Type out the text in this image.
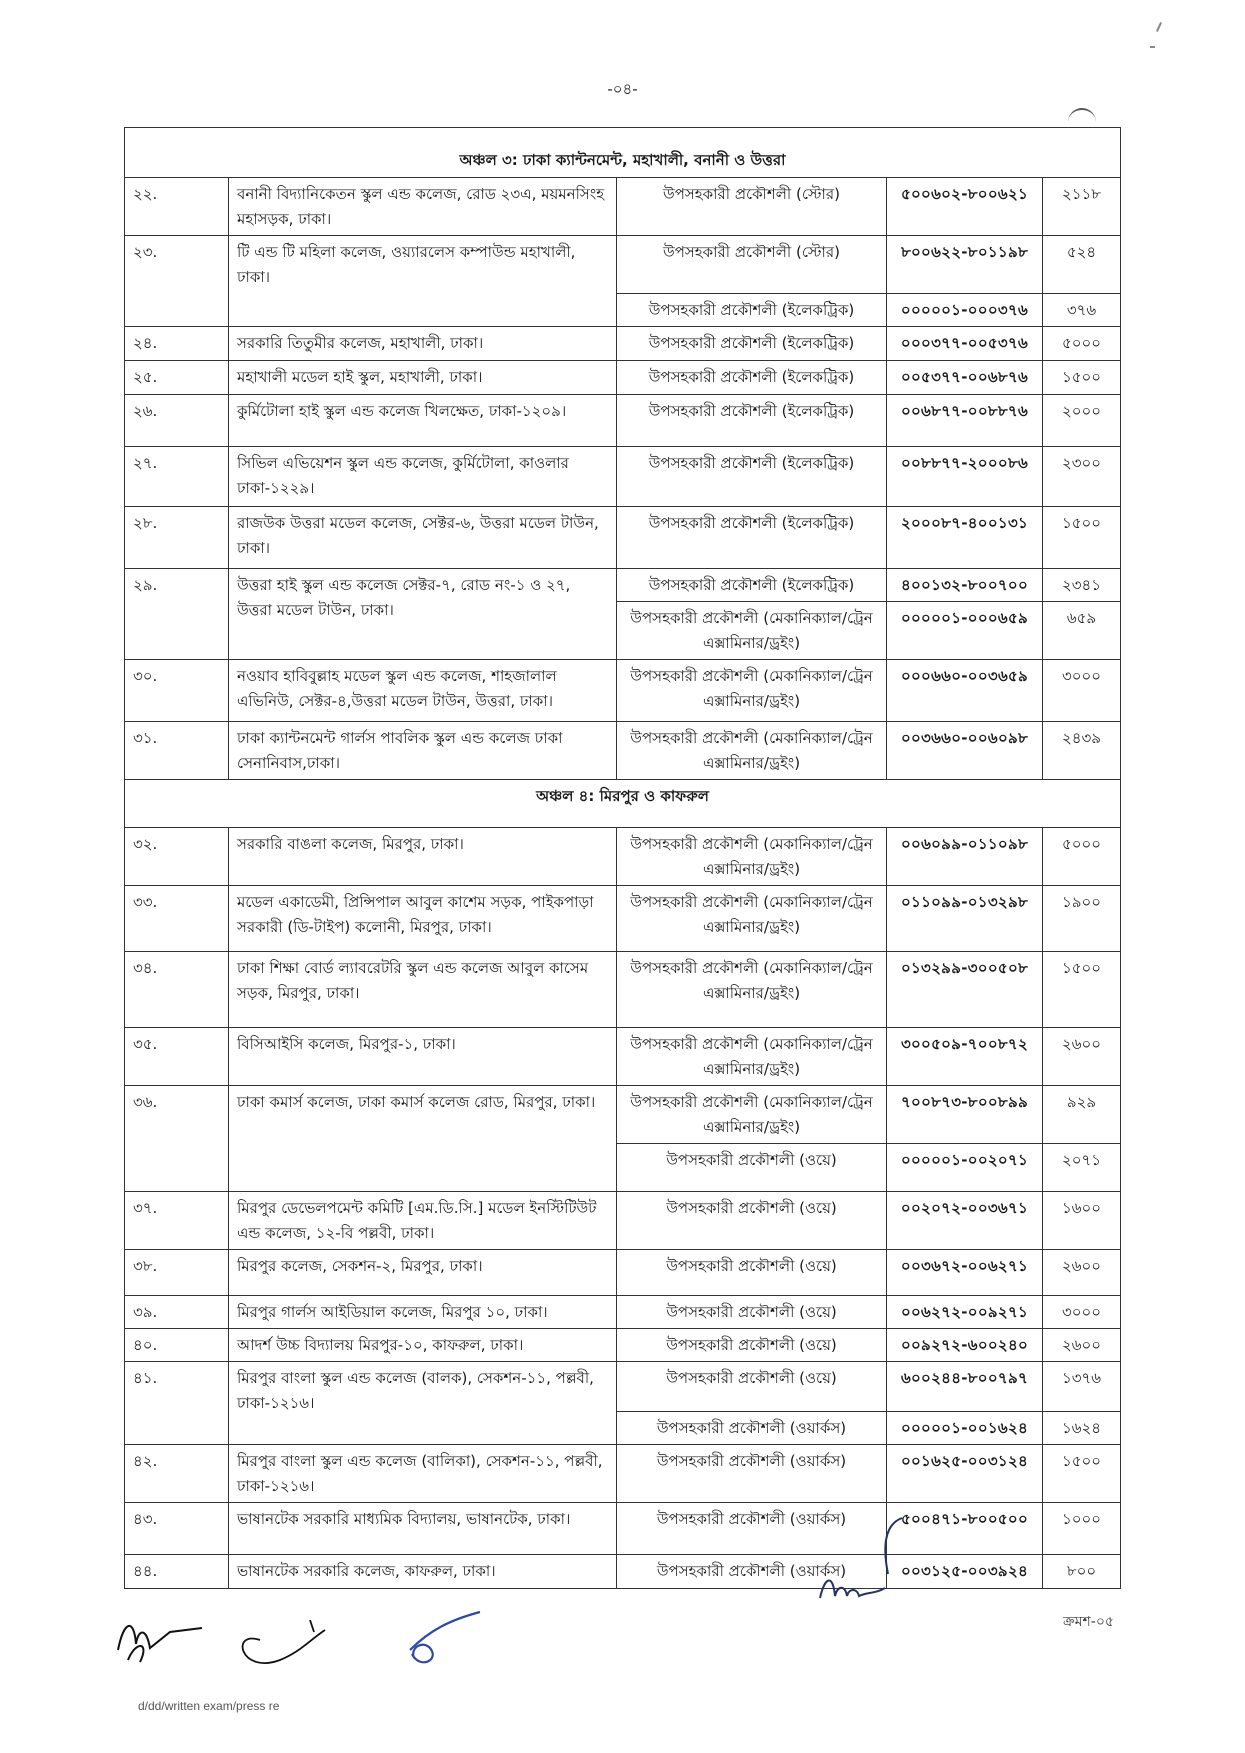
-০৪-
অঞ্চল ৩: ঢাকা ক্যান্টনমেন্ট, মহাখালী, বনানী ও উত্তরা				
২২.	বনানী বিদ্যানিকেতন স্কুল এন্ড কলেজ, রোড ২৩এ, ময়মনসিংহ মহাসড়ক, ঢাকা।	উপসহকারী প্রকৌশলী (স্টোর)	৫০০৬০২-৮০০৬২১	২১১৮
২৩.	টি এন্ড টি মহিলা কলেজ, ওয়্যারলেস কম্পাউন্ড মহাখালী, ঢাকা।	উপসহকারী প্রকৌশলী (স্টোর)	৮০০৬২২-৮০১১৯৮	৫২৪
		উপসহকারী প্রকৌশলী (ইলেকট্রিক)	০০০০০১-০০০৩৭৬	৩৭৬
২৪.	সরকারি তিতুমীর কলেজ, মহাখালী, ঢাকা।	উপসহকারী প্রকৌশলী (ইলেকট্রিক)	০০০৩৭৭-০০৫৩৭৬	৫০০০
২৫.	মহাখালী মডেল হাই স্কুল, মহাখালী, ঢাকা।	উপসহকারী প্রকৌশলী (ইলেকট্রিক)	০০৫৩৭৭-০০৬৮৭৬	১৫০০
২৬.	কুর্মিটোলা হাই স্কুল এন্ড কলেজ খিলক্ষেত, ঢাকা-১২০৯।	উপসহকারী প্রকৌশলী (ইলেকট্রিক)	০০৬৮৭৭-০০৮৮৭৬	২০০০
২৭.	সিভিল এভিয়েশন স্কুল এন্ড কলেজ, কুর্মিটোলা, কাওলার ঢাকা-১২২৯।	উপসহকারী প্রকৌশলী (ইলেকট্রিক)	০০৮৮৭৭-২০০০৮৬	২৩০০
২৮.	রাজউক উত্তরা মডেল কলেজ, সেক্টর-৬, উত্তরা মডেল টাউন, ঢাকা।	উপসহকারী প্রকৌশলী (ইলেকট্রিক)	২০০০৮৭-৪০০১৩১	১৫০০
২৯.	উত্তরা হাই স্কুল এন্ড কলেজ সেক্টর-৭, রোড নং-১ ও ২৭, উত্তরা মডেল টাউন, ঢাকা।	উপসহকারী প্রকৌশলী (ইলেকট্রিক)	৪০০১৩২-৮০০৭০০	২৩৪১
		উপসহকারী প্রকৌশলী (মেকানিক্যাল/ট্রেন এক্সামিনার/ড্রইং)	০০০০০১-০০০৬৫৯	৬৫৯
৩০.	নওয়াব হাবিবুল্লাহ মডেল স্কুল এন্ড কলেজ, শাহজালাল এভিনিউ, সেক্টর-৪,উত্তরা মডেল টাউন, উত্তরা, ঢাকা।	উপসহকারী প্রকৌশলী (মেকানিক্যাল/ট্রেন এক্সামিনার/ড্রইং)	০০০৬৬০-০০৩৬৫৯	৩০০০
৩১.	ঢাকা ক্যান্টনমেন্ট গার্লস পাবলিক স্কুল এন্ড কলেজ ঢাকা সেনানিবাস,ঢাকা।	উপসহকারী প্রকৌশলী (মেকানিক্যাল/ট্রেন এক্সামিনার/ড্রইং)	০০৩৬৬০-০০৬০৯৮	২৪৩৯
অঞ্চল ৪: মিরপুর ও কাফরুল				
৩২.	সরকারি বাঙলা কলেজ, মিরপুর, ঢাকা।	উপসহকারী প্রকৌশলী (মেকানিক্যাল/ট্রেন এক্সামিনার/ড্রইং)	০০৬০৯৯-০১১০৯৮	৫০০০
৩৩.	মডেল একাডেমী, প্রিন্সিপাল আবুল কাশেম সড়ক, পাইকপাড়া সরকারী (ডি-টাইপ) কলোনী, মিরপুর, ঢাকা।	উপসহকারী প্রকৌশলী (মেকানিক্যাল/ট্রেন এক্সামিনার/ড্রইং)	০১১০৯৯-০১৩২৯৮	১৯০০
৩৪.	ঢাকা শিক্ষা বোর্ড ল্যাবরেটরি স্কুল এন্ড কলেজ আবুল কাসেম সড়ক, মিরপুর, ঢাকা।	উপসহকারী প্রকৌশলী (মেকানিক্যাল/ট্রেন এক্সামিনার/ড্রইং)	০১৩২৯৯-৩০০৫০৮	১৫০০
৩৫.	বিসিআইসি কলেজ, মিরপুর-১, ঢাকা।	উপসহকারী প্রকৌশলী (মেকানিক্যাল/ট্রেন এক্সামিনার/ড্রইং)	৩০০৫০৯-৭০০৮৭২	২৬০০
৩৬.	ঢাকা কমার্স কলেজ, ঢাকা কমার্স কলেজ রোড, মিরপুর, ঢাকা।	উপসহকারী প্রকৌশলী (মেকানিক্যাল/ট্রেন এক্সামিনার/ড্রইং)	৭০০৮৭৩-৮০০৮৯৯	৯২৯
		উপসহকারী প্রকৌশলী (ওয়ে)	০০০০০১-০০২০৭১	২০৭১
৩৭.	মিরপুর ডেভেলপমেন্ট কমিটি [এম.ডি.সি.] মডেল ইনস্টিটিউট এন্ড কলেজ, ১২-বি পল্লবী, ঢাকা।	উপসহকারী প্রকৌশলী (ওয়ে)	০০২০৭২-০০৩৬৭১	১৬০০
৩৮.	মিরপুর কলেজ, সেকশন-২, মিরপুর, ঢাকা।	উপসহকারী প্রকৌশলী (ওয়ে)	০০৩৬৭২-০০৬২৭১	২৬০০
৩৯.	মিরপুর গার্লস আইডিয়াল কলেজ, মিরপুর ১০, ঢাকা।	উপসহকারী প্রকৌশলী (ওয়ে)	০০৬২৭২-০০৯২৭১	৩০০০
৪০.	আদর্শ উচ্চ বিদ্যালয় মিরপুর-১০, কাফরুল, ঢাকা।	উপসহকারী প্রকৌশলী (ওয়ে)	০০৯২৭২-৬০০২৪০	২৬০০
৪১.	মিরপুর বাংলা স্কুল এন্ড কলেজ (বালক), সেকশন-১১, পল্লবী, ঢাকা-১২১৬।	উপসহকারী প্রকৌশলী (ওয়ে)	৬০০২৪৪-৮০০৭৯৭	১৩৭৬
		উপসহকারী প্রকৌশলী (ওয়ার্কস)	০০০০০১-০০১৬২৪	১৬২৪
৪২.	মিরপুর বাংলা স্কুল এন্ড কলেজ (বালিকা), সেকশন-১১, পল্লবী, ঢাকা-১২১৬।	উপসহকারী প্রকৌশলী (ওয়ার্কস)	০০১৬২৫-০০৩১২৪	১৫০০
৪৩.	ভাষানটেক সরকারি মাধ্যমিক বিদ্যালয়, ভাষানটেক, ঢাকা।	উপসহকারী প্রকৌশলী (ওয়ার্কস)	৫০০৪৭১-৮০০৫০০	১০০০
৪৪.	ভাষানটেক সরকারি কলেজ, কাফরুল, ঢাকা।	উপসহকারী প্রকৌশলী (ওয়ার্কস)	০০৩১২৫-০০৩৯২৪	৮০০
ক্রমশ-০৫
d/dd/written exam/press re
